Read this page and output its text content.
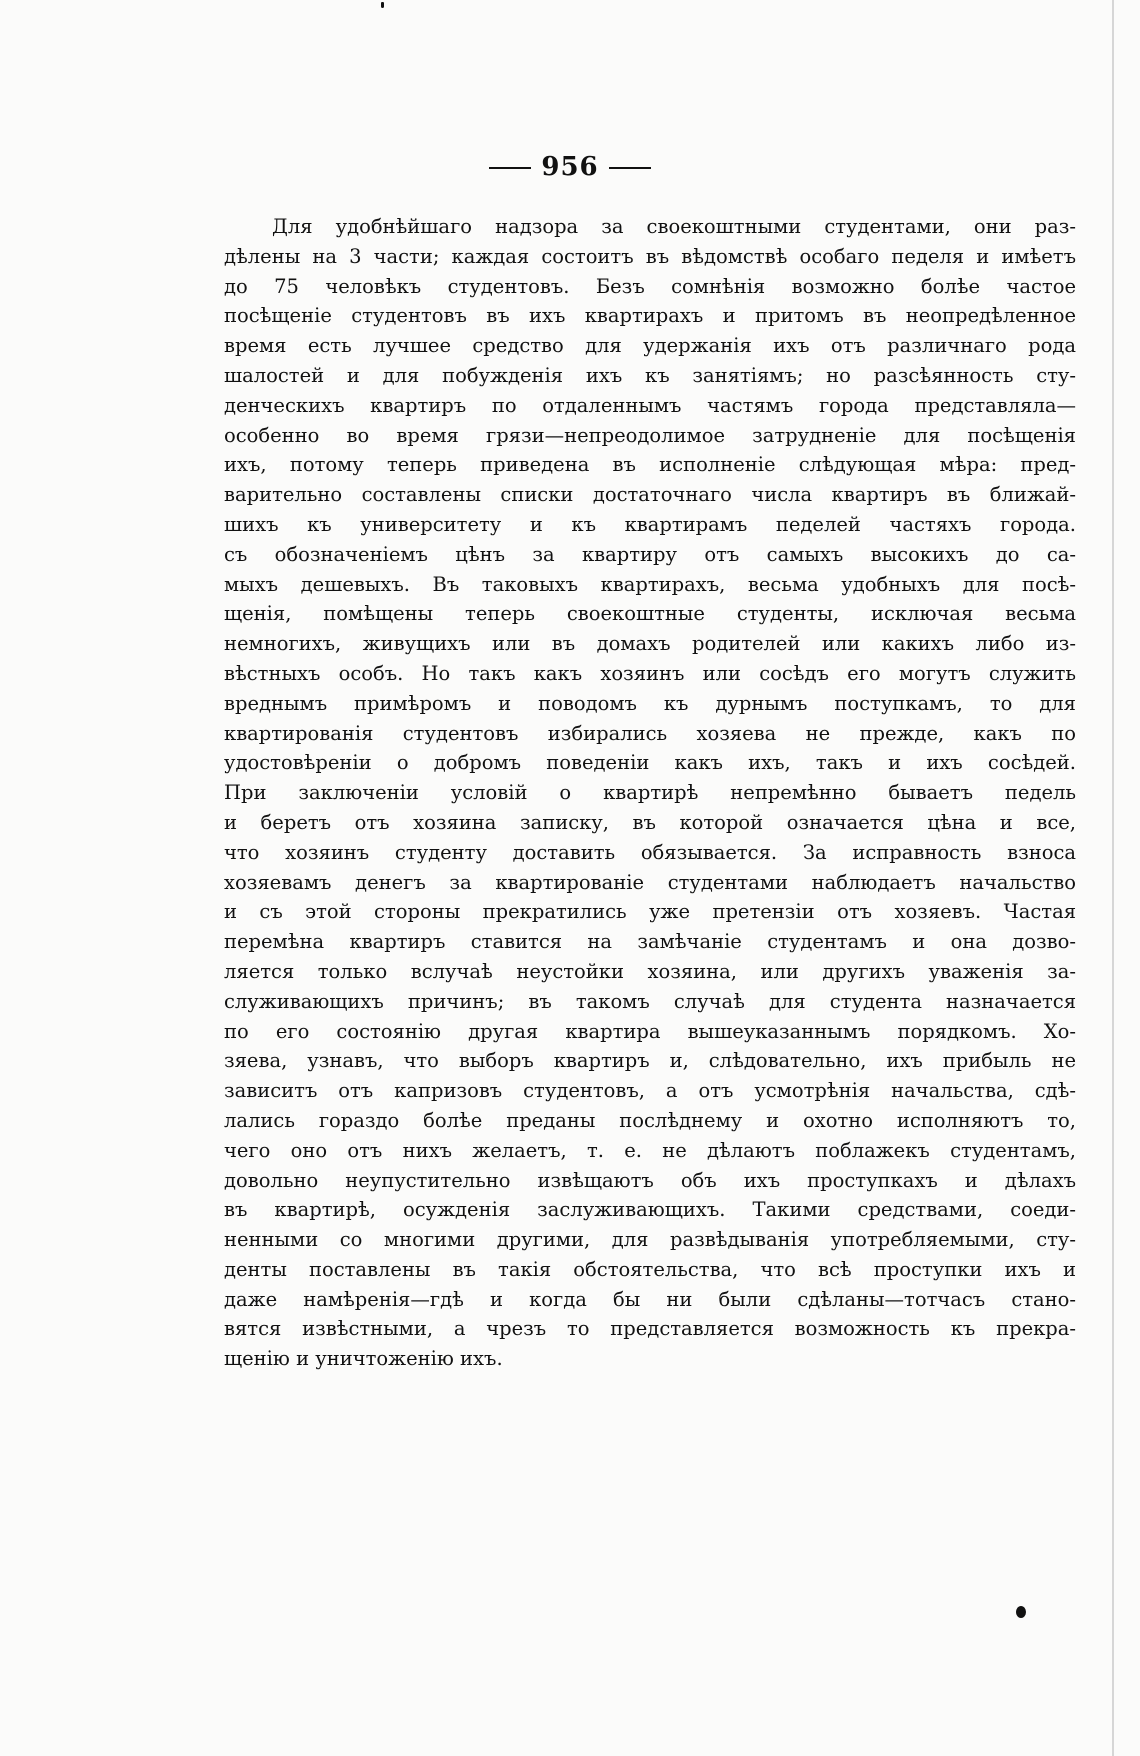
956
Для удобнѣйшаго надзора за своекоштными студентами, они раз-
дѣлены на 3 части; каждая состоитъ въ вѣдомствѣ особаго педеля и имѣетъ
до 75 человѣкъ студентовъ. Безъ сомнѣнія возможно болѣе частое
посѣщеніе студентовъ въ ихъ квартирахъ и притомъ въ неопредѣленное
время есть лучшее средство для удержанія ихъ отъ различнаго рода
шалостей и для побужденія ихъ къ занятіямъ; но разсѣянность сту-
денческихъ квартиръ по отдаленнымъ частямъ города представляла—
особенно во время грязи—непреодолимое затрудненіе для посѣщенія
ихъ, потому теперь приведена въ исполненіе слѣдующая мѣра: пред-
варительно составлены списки достаточнаго числа квартиръ въ ближай-
шихъ къ университету и къ квартирамъ педелей частяхъ города.
съ обозначеніемъ цѣнъ за квартиру отъ самыхъ высокихъ до са-
мыхъ дешевыхъ. Въ таковыхъ квартирахъ, весьма удобныхъ для посѣ-
щенія, помѣщены теперь своекоштные студенты, исключая весьма
немногихъ, живущихъ или въ домахъ родителей или какихъ либо из-
вѣстныхъ особъ. Но такъ какъ хозяинъ или сосѣдъ его могутъ служить
вреднымъ примѣромъ и поводомъ къ дурнымъ поступкамъ, то для
квартированія студентовъ избирались хозяева не прежде, какъ по
удостовѣреніи о добромъ поведеніи какъ ихъ, такъ и ихъ сосѣдей.
При заключеніи условій о квартирѣ непремѣнно бываетъ педель
и беретъ отъ хозяина записку, въ которой означается цѣна и все,
что хозяинъ студенту доставить обязывается. За исправность взноса
хозяевамъ денегъ за квартированіе студентами наблюдаетъ начальство
и съ этой стороны прекратились уже претензіи отъ хозяевъ. Частая
перемѣна квартиръ ставится на замѣчаніе студентамъ и она дозво-
ляется только вслучаѣ неустойки хозяина, или другихъ уваженія за-
служивающихъ причинъ; въ такомъ случаѣ для студента назначается
по его состоянію другая квартира вышеуказаннымъ порядкомъ. Хо-
зяева, узнавъ, что выборъ квартиръ и, слѣдовательно, ихъ прибыль не
зависитъ отъ капризовъ студентовъ, а отъ усмотрѣнія начальства, сдѣ-
лались гораздо болѣе преданы послѣднему и охотно исполняютъ то,
чего оно отъ нихъ желаетъ, т. е. не дѣлаютъ поблажекъ студентамъ,
довольно неупустительно извѣщаютъ объ ихъ проступкахъ и дѣлахъ
въ квартирѣ, осужденія заслуживающихъ. Такими средствами, соеди-
ненными со многими другими, для развѣдыванія употребляемыми, сту-
денты поставлены въ такія обстоятельства, что всѣ проступки ихъ и
даже намѣренія—гдѣ и когда бы ни были сдѣланы—тотчасъ стано-
вятся извѣстными, а чрезъ то представляется возможность къ прекра-
щенію и уничтоженію ихъ.
